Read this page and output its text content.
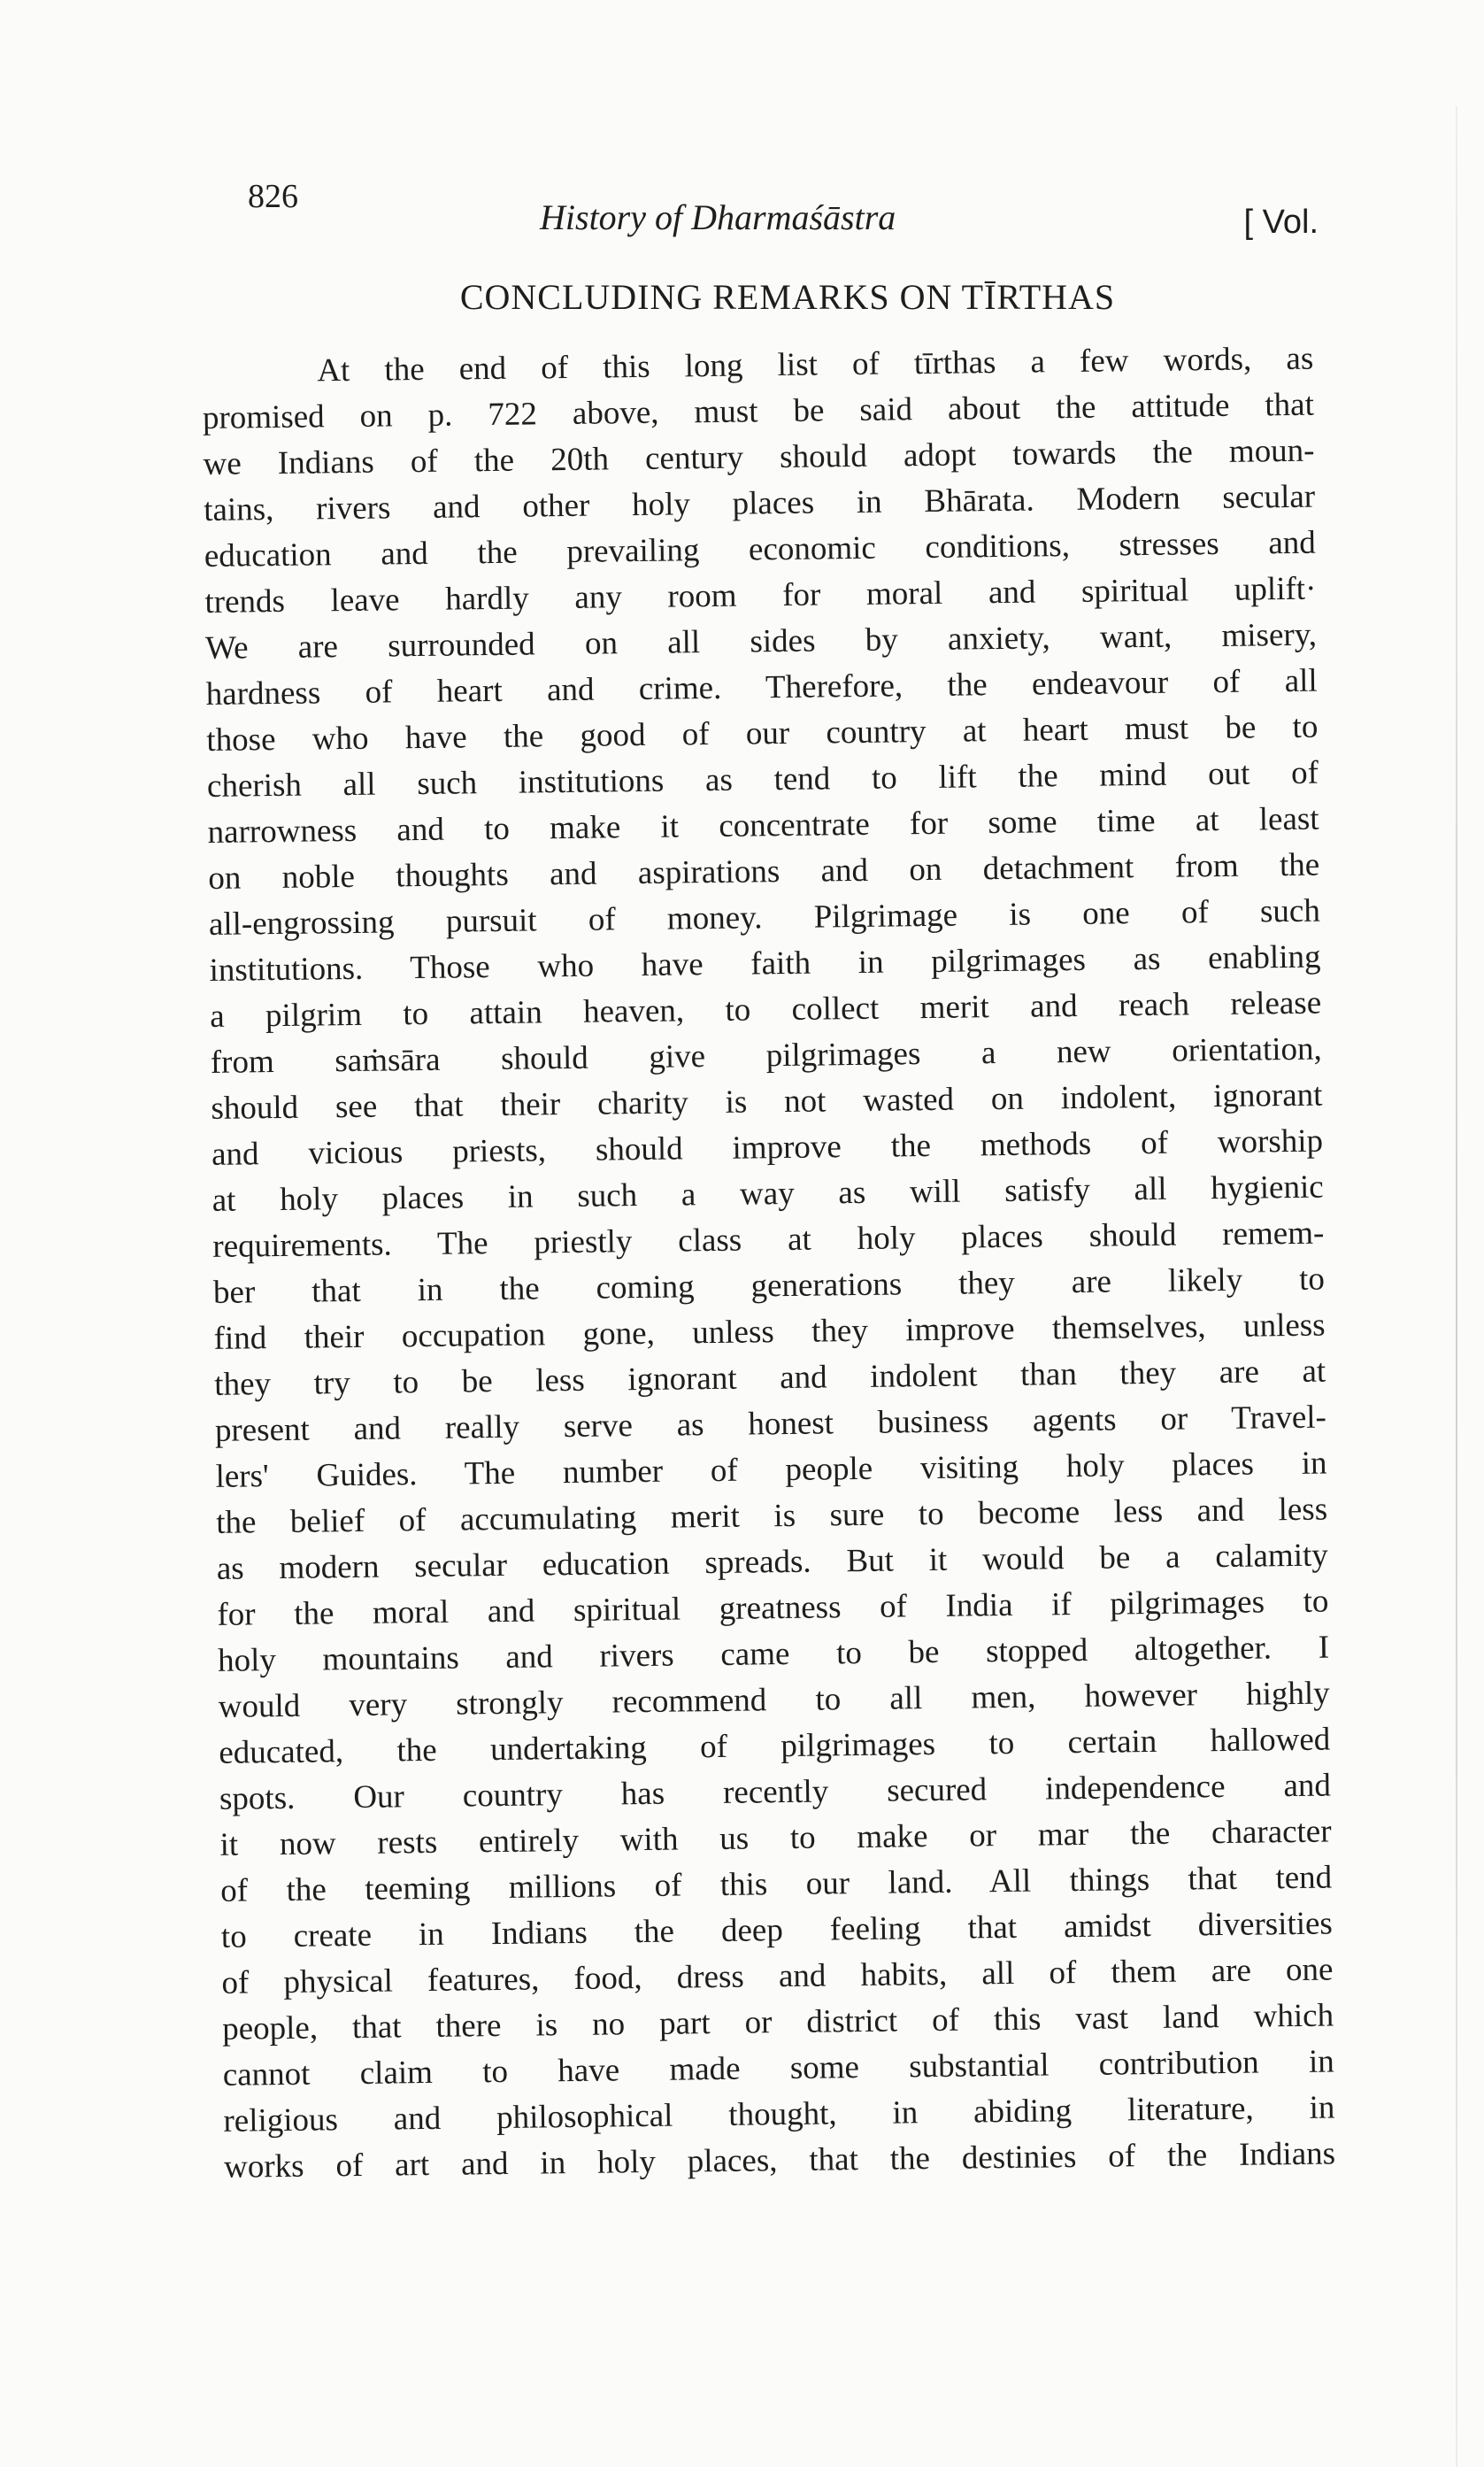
826
History of Dharmaśāstra	[ Vol.
CONCLUDING REMARKS ON TĪRTHAS
At the end of this long list of tīrthas a few words, as
promised on p. 722 above, must be said about the attitude that
we Indians of the 20th century should adopt towards the moun-
tains, rivers and other holy places in Bhārata. Modern secular
education and the prevailing economic conditions, stresses and
trends leave hardly any room for moral and spiritual uplift·
We are surrounded on all sides by anxiety, want, misery,
hardness of heart and crime. Therefore, the endeavour of all
those who have the good of our country at heart must be to
cherish all such institutions as tend to lift the mind out of
narrowness and to make it concentrate for some time at least
on noble thoughts and aspirations and on detachment from the
all-engrossing pursuit of money. Pilgrimage is one of such
institutions. Those who have faith in pilgrimages as enabling
a pilgrim to attain heaven, to collect merit and reach release
from saṁsāra should give pilgrimages a new orientation,
should see that their charity is not wasted on indolent, ignorant
and vicious priests, should improve the methods of worship
at holy places in such a way as will satisfy all hygienic
requirements. The priestly class at holy places should remem-
ber that in the coming generations they are likely to
find their occupation gone, unless they improve themselves, unless
they try to be less ignorant and indolent than they are at
present and really serve as honest business agents or Travel-
lers' Guides. The number of people visiting holy places in
the belief of accumulating merit is sure to become less and less
as modern secular education spreads. But it would be a calamity
for the moral and spiritual greatness of India if pilgrimages to
holy mountains and rivers came to be stopped altogether. I
would very strongly recommend to all men, however highly
educated, the undertaking of pilgrimages to certain hallowed
spots. Our country has recently secured independence and
it now rests entirely with us to make or mar the character
of the teeming millions of this our land. All things that tend
to create in Indians the deep feeling that amidst diversities
of physical features, food, dress and habits, all of them are one
people, that there is no part or district of this vast land which
cannot claim to have made some substantial contribution in
religious and philosophical thought, in abiding literature, in
works of art and in holy places, that the destinies of the Indians
